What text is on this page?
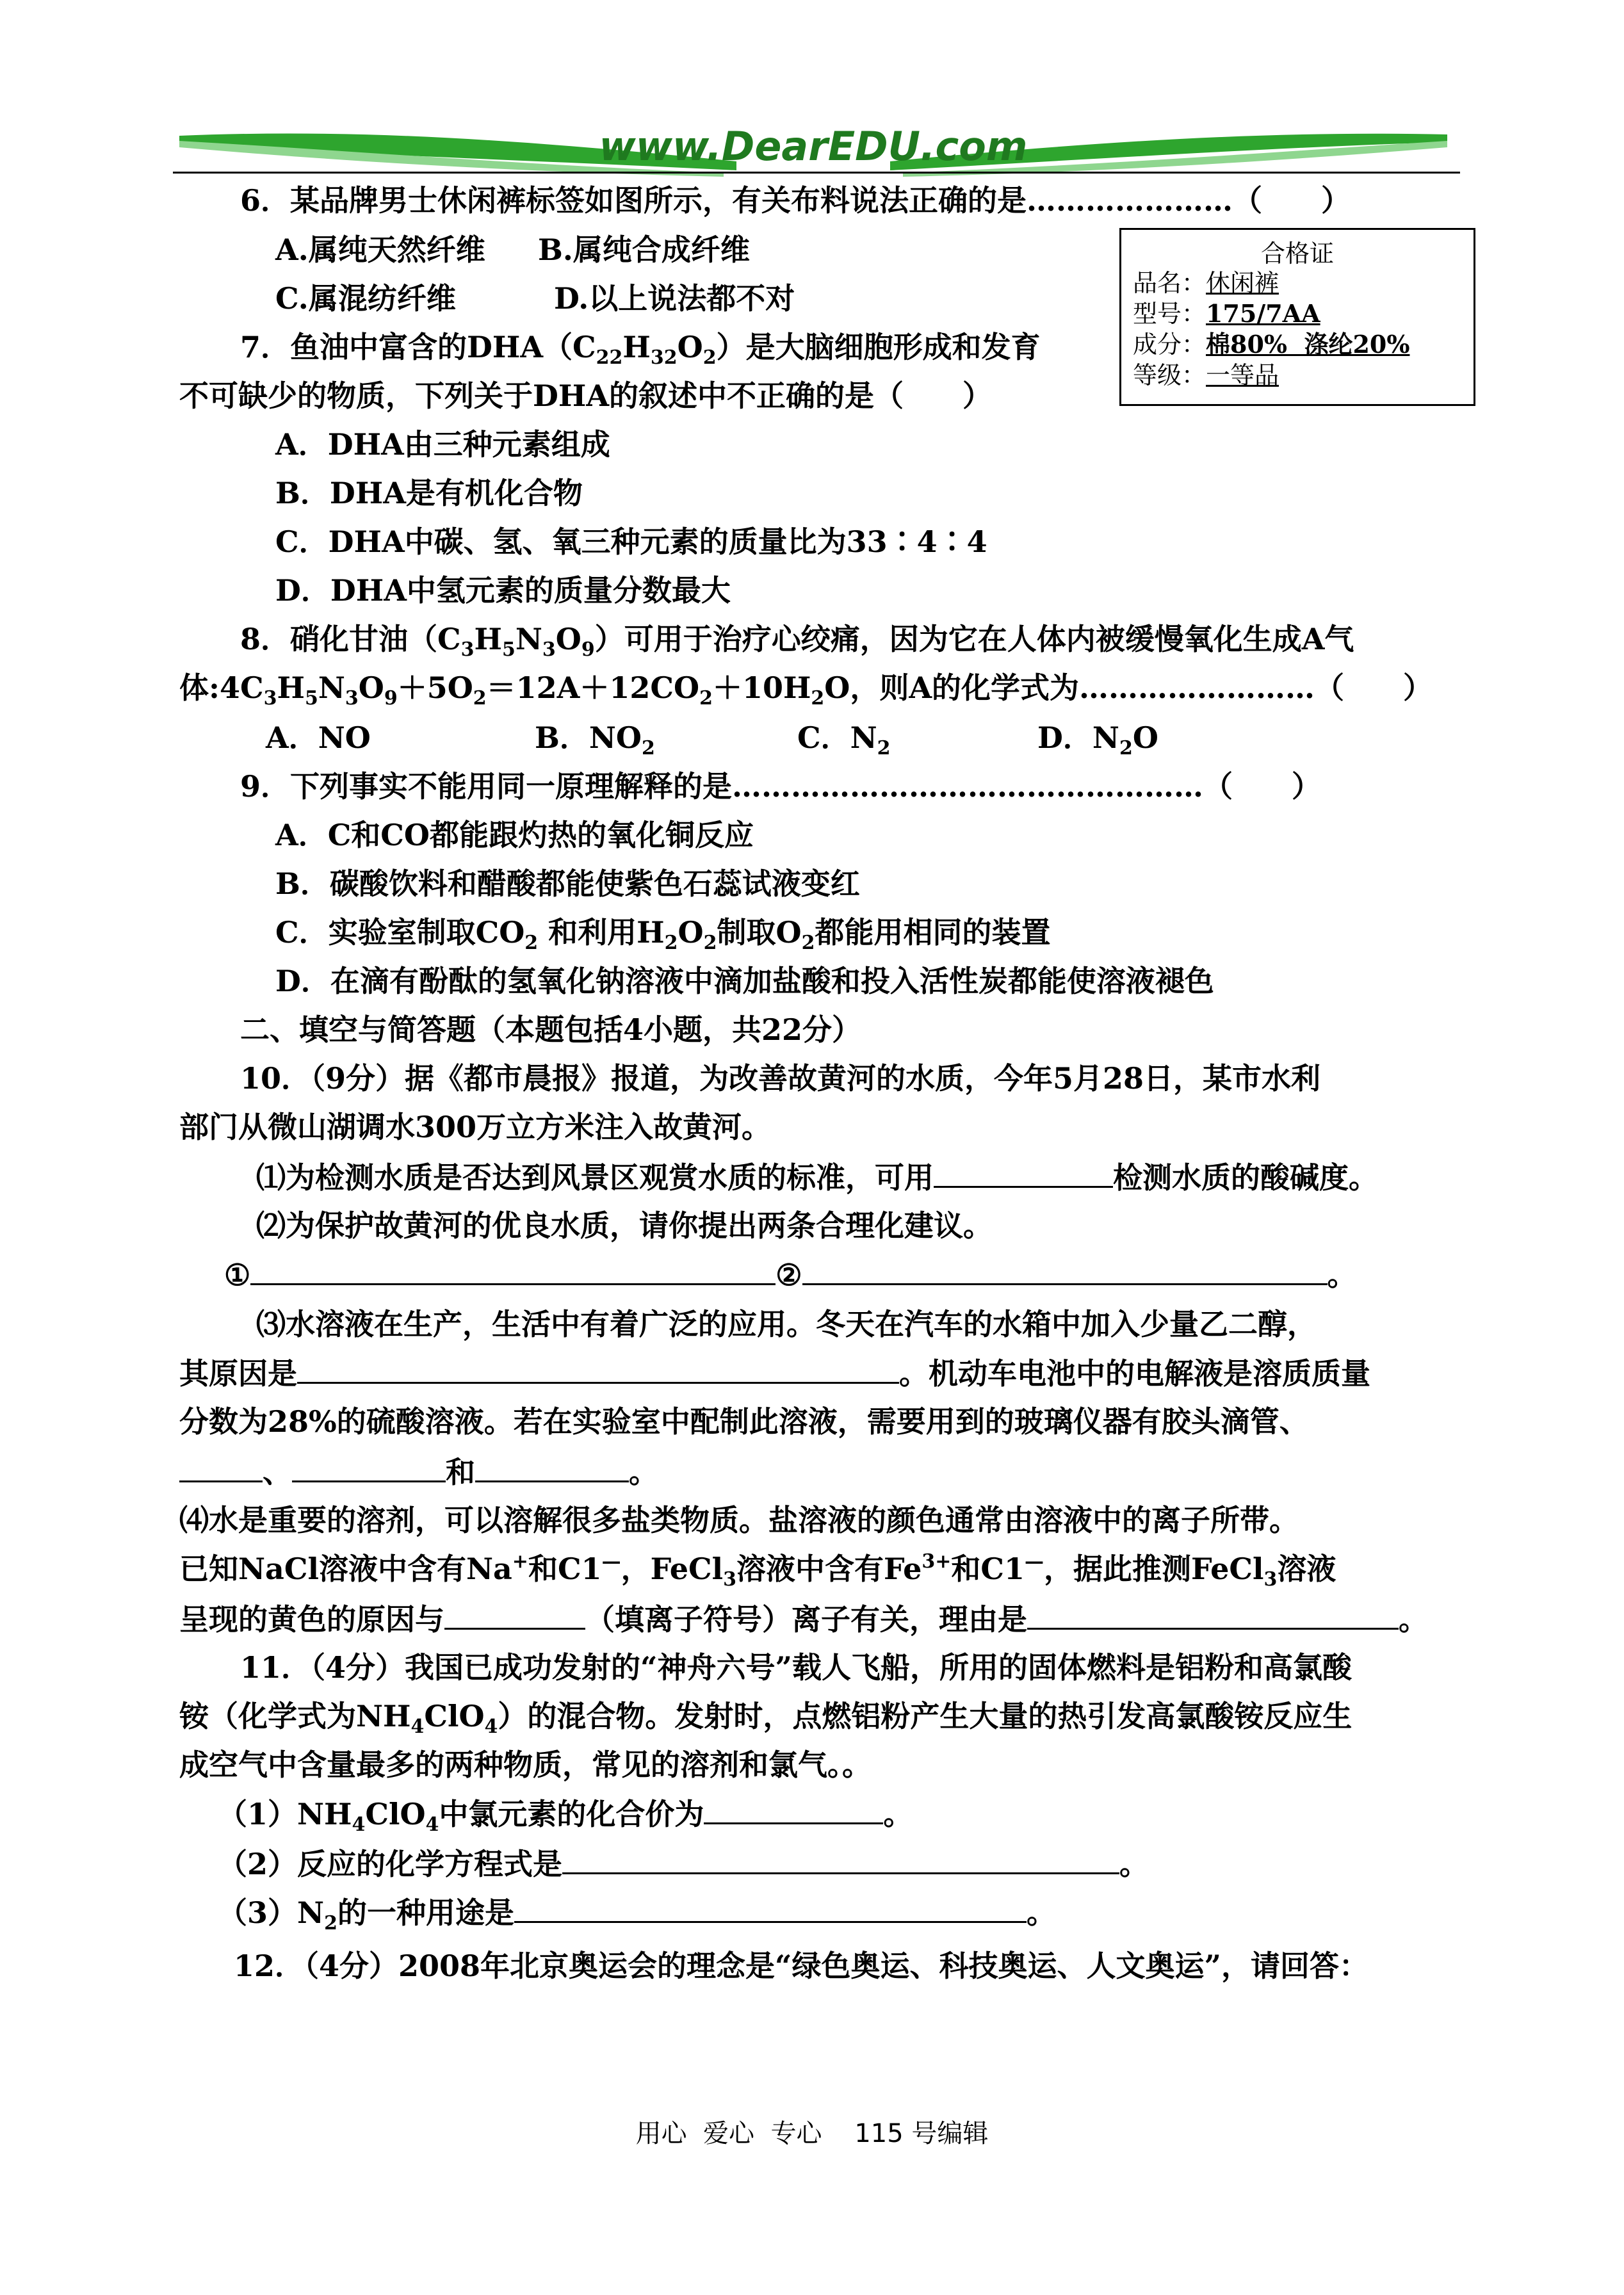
www.DearEDU.com
合格证
品名：休闲裤
型号：175/7AA
成分：棉80%  涤纶20%
等级：一等品
6．某品牌男士休闲裤标签如图所示，有关布料说法正确的是…………………（　　）
A.属纯天然纤维 B.属纯合成纤维
C.属混纺纤维	D.以上说法都不对
7．鱼油中富含的$DHA(C_{22}H_{32}O_2)$是大脑细胞形成和发育
不可缺少的物质，下列关于DHA的叙述中不正确的是（　　）
A．DHA由三种元素组成
B．DHA是有机化合物
C．DHA中碳、氢、氧三种元素的质量比为33∶4∶4
D．DHA中氢元素的质量分数最大
8．硝化甘油$(C_3H_5N_3O_9)$可用于治疗心绞痛，因为它在人体内被缓慢氧化生成A气
体$:4C_3H_5N_3O_9+5O_2=12A+12CO_2+10H_2O$，则A的化学式为……………………（　　）
A．NO	B．$NO_2$	C．$N_2$	D．$N_2O$
9．下列事实不能用同一原理解释的是…………………………………………（　　）
A．C和CO都能跟灼热的氧化铜反应
B．碳酸饮料和醋酸都能使紫色石蕊试液变红
C．实验室制取$CO_2$ 和利用$H_2O_2$制取$O_2$都能用相同的装置
D．在滴有酚酞的氢氧化钠溶液中滴加盐酸和投入活性炭都能使溶液褪色
二、填空与简答题（本题包括4小题，共22分）
10．（9分）据《都市晨报》报道，为改善故黄河的水质，今年5月28日，某市水利
部门从微山湖调水300万立方米注入故黄河。
⑴为检测水质是否达到风景区观赏水质的标准，可用	检测水质的酸碱度。
⑵为保护故黄河的优良水质，请你提出两条合理化建议。
①	②	。
⑶水溶液在生产，生活中有着广泛的应用。冬天在汽车的水箱中加入少量乙二醇，
其原因是	。机动车电池中的电解液是溶质质量
分数为28%的硫酸溶液。若在实验室中配制此溶液，需要用到的玻璃仪器有胶头滴管、
、	和	。
⑷水是重要的溶剂，可以溶解很多盐类物质。盐溶液的颜色通常由溶液中的离子所带。
已知NaCl溶液中含有Na+和C1—，FeCl$_3$溶液中含有$Fe^{3+}$和C1—，据此推测FeCl$_3$溶液
呈现的黄色的原因与	（填离子符号）离子有关，理由是	。
11．（4分）我国已成功发射的“神舟六号”载人飞船，所用的固体燃料是铝粉和高氯酸
铵（化学式为$NH_4ClO_4$）的混合物。发射时，点燃铝粉产生大量的热引发高氯酸铵反应生
成空气中含量最多的两种物质，常见的溶剂和氯气。。
$(1)NH_4ClO_4$中氯元素的化合价为	。
（2）反应的化学方程式是	。
$(3)N_2$的一种用途是	。
12．（4分）2008年北京奥运会的理念是“绿色奥运、科技奥运、人文奥运”，请回答：
用心  爱心  专心    115 号编辑
